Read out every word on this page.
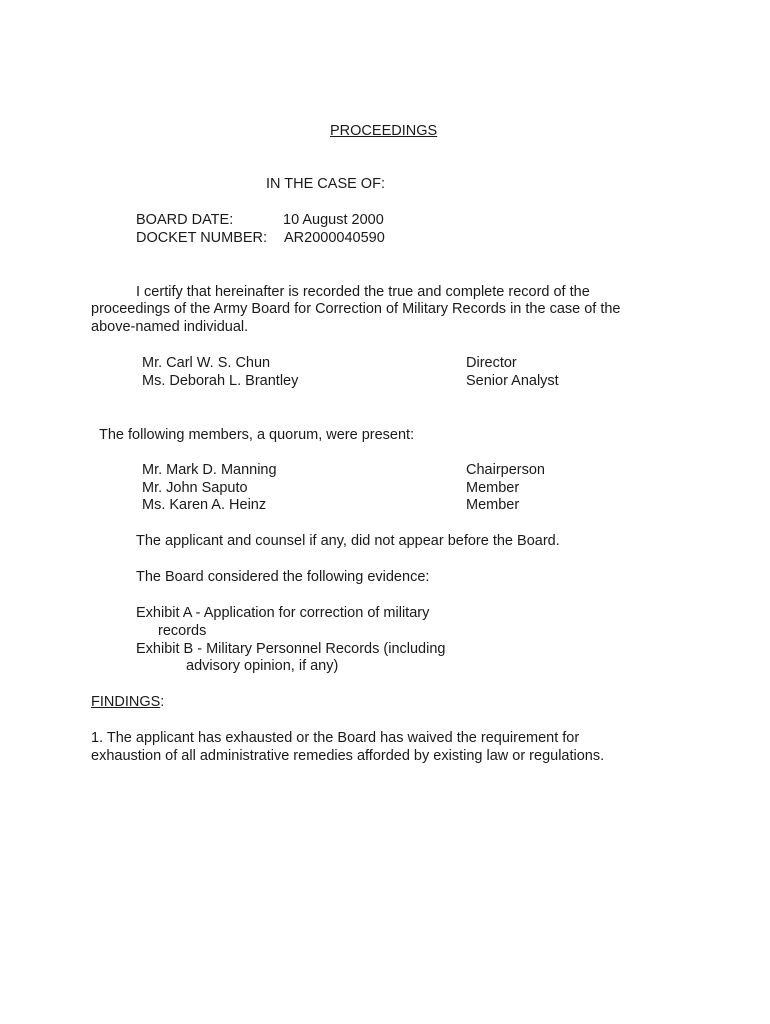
PROCEEDINGS
IN THE CASE OF:
BOARD DATE:	10 August 2000
DOCKET NUMBER: AR2000040590
I certify that hereinafter is recorded the true and complete record of the
proceedings of the Army Board for Correction of Military Records in the case of the
above-named individual.
Mr. Carl W. S. Chun	Director
Ms. Deborah L. Brantley	Senior Analyst
The following members, a quorum, were present:
Mr. Mark D. Manning	Chairperson
Mr. John Saputo	Member
Ms. Karen A. Heinz	Member
The applicant and counsel if any, did not appear before the Board.
The Board considered the following evidence:
Exhibit A - Application for correction of military
records
Exhibit B - Military Personnel Records (including
advisory opinion, if any)
FINDINGS:
1. The applicant has exhausted or the Board has waived the requirement for
exhaustion of all administrative remedies afforded by existing law or regulations.
